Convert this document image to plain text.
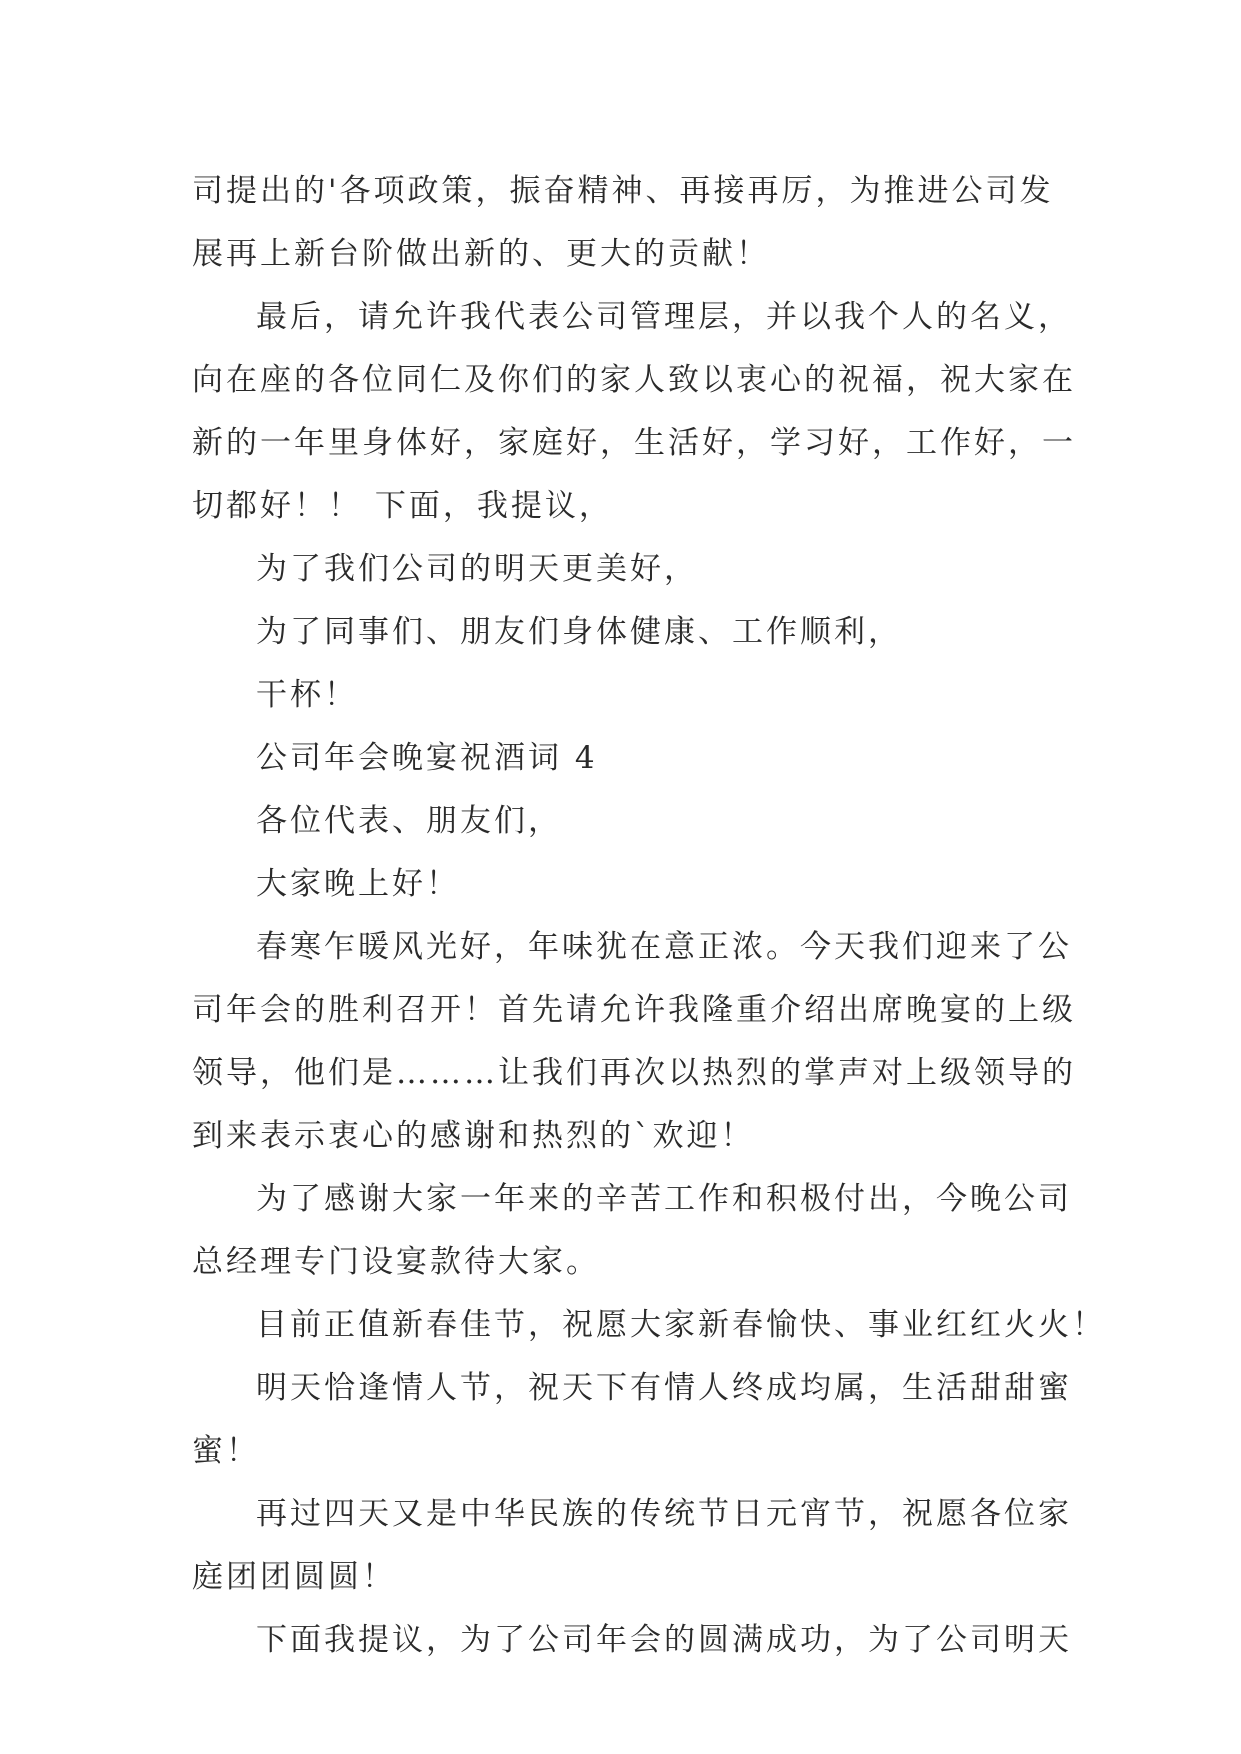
司提出的'各项政策，振奋精神、再接再厉，为推进公司发
展再上新台阶做出新的、更大的贡献！
最后，请允许我代表公司管理层，并以我个人的名义，
向在座的各位同仁及你们的家人致以衷心的祝福，祝大家在
新的一年里身体好，家庭好，生活好，学习好，工作好，一
切都好！！ 下面，我提议，
为了我们公司的明天更美好，
为了同事们、朋友们身体健康、工作顺利，
干杯！
公司年会晚宴祝酒词 4
各位代表、朋友们，
大家晚上好！
春寒乍暖风光好，年味犹在意正浓。今天我们迎来了公
司年会的胜利召开！首先请允许我隆重介绍出席晚宴的上级
领导，他们是………让我们再次以热烈的掌声对上级领导的
到来表示衷心的感谢和热烈的`欢迎！
为了感谢大家一年来的辛苦工作和积极付出，今晚公司
总经理专门设宴款待大家。
目前正值新春佳节，祝愿大家新春愉快、事业红红火火！
明天恰逢情人节，祝天下有情人终成均属，生活甜甜蜜
蜜！
再过四天又是中华民族的传统节日元宵节，祝愿各位家
庭团团圆圆！
下面我提议，为了公司年会的圆满成功，为了公司明天
